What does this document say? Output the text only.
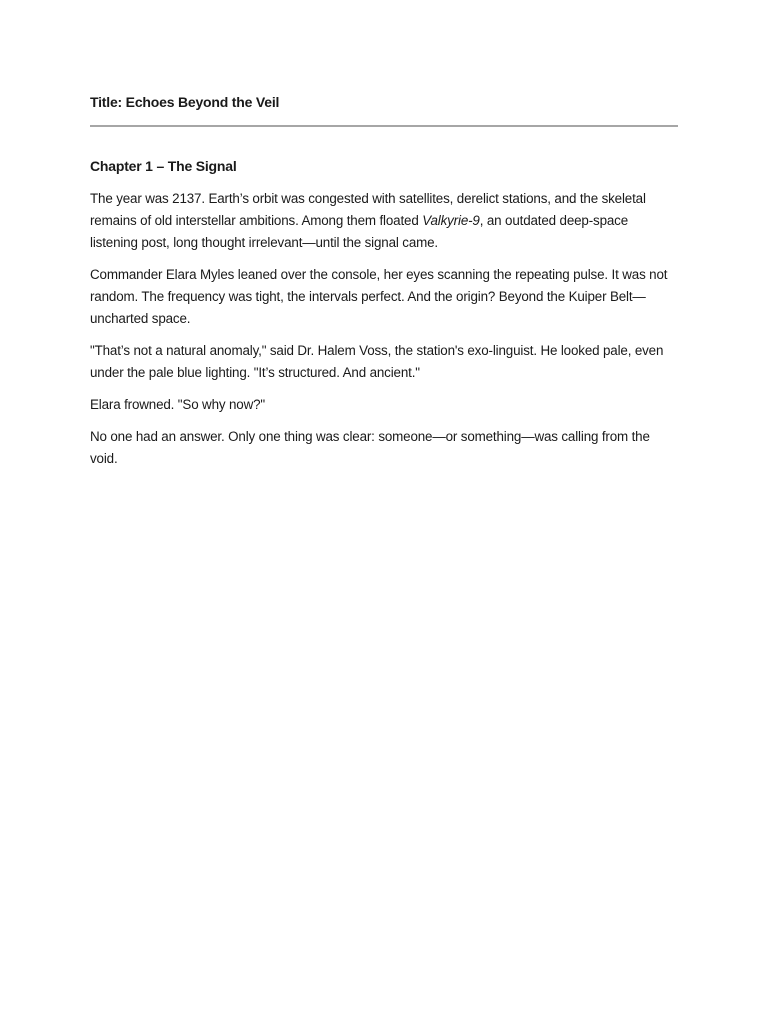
Title: Echoes Beyond the Veil
Chapter 1 – The Signal

The year was 2137. Earth’s orbit was congested with satellites, derelict stations, and the skeletal remains of old interstellar ambitions. Among them floated Valkyrie-9, an outdated deep-space listening post, long thought irrelevant—until the signal came.

Commander Elara Myles leaned over the console, her eyes scanning the repeating pulse. It was not random. The frequency was tight, the intervals perfect. And the origin? Beyond the Kuiper Belt—uncharted space.

"That’s not a natural anomaly," said Dr. Halem Voss, the station's exo-linguist. He looked pale, even under the pale blue lighting. "It’s structured. And ancient."

Elara frowned. "So why now?"

No one had an answer. Only one thing was clear: someone—or something—was calling from the void.
